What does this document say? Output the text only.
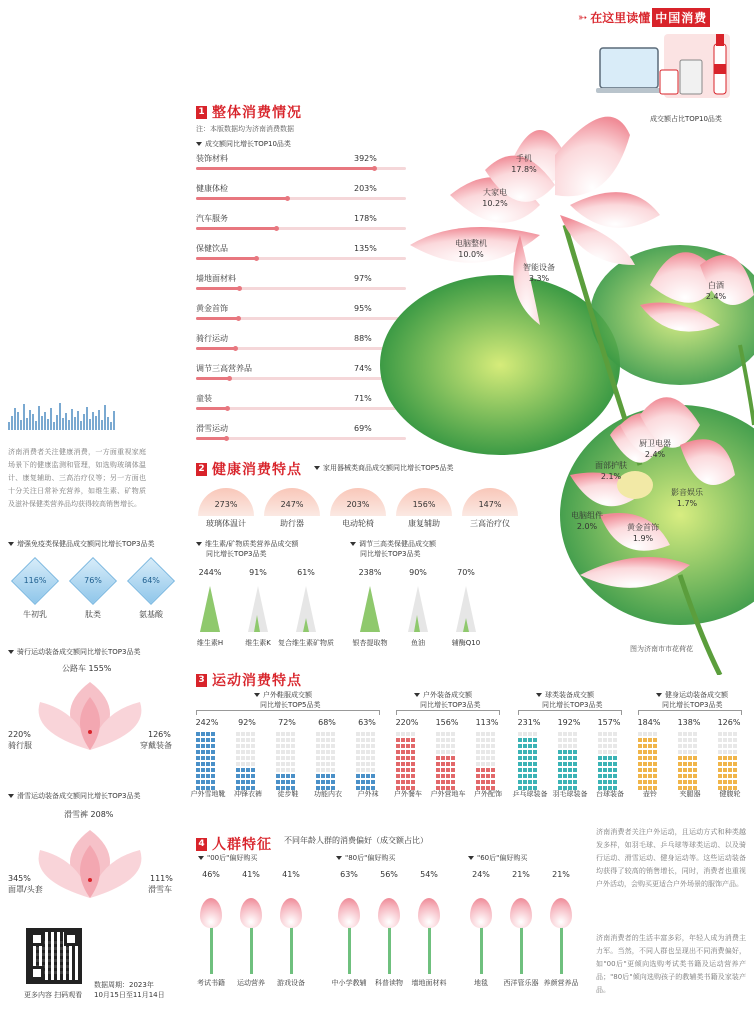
➳ 在这里读懂 中国消费
1 整体消费情况
注：本版数据均为济南消费数据
成交额同比增长TOP10品类
装饰材料	392%
健康体检	203%
汽车服务	178%
保健饮品	135%
墙地面材料	97%
黄金首饰	95%
骑行运动	88%
调节三高营养品	74%
童装	71%
滑雪运动	69%
成交额占比TOP10品类
手机
17.8%
大家电
10.2%
电脑整机
10.0%
智能设备
3.3%
白酒
2.4%
厨卫电器
2.4%
面部护肤
2.1%
影音娱乐
1.7%
电脑组件
2.0%	黄金首饰
1.9%
图为济南市市花荷花
济南消费者关注健康消费，一方面重视家庭场景下的健康监测和管理，如选购玻璃体温计、康复辅助、三高治疗仪等；另一方面也十分关注日常补充营养，如维生素、矿物质及滋补保健类营养品均获得较高销售增长。
增强免疫类保健品成交额同比增长TOP3品类
116%
牛初乳
76%
肽类
64%
氨基酸
骑行运动装备成交额同比增长TOP3品类
公路车 155%
220%
骑行服
126%
穿戴装备
滑雪运动装备成交额同比增长TOP3品类
滑雪裤 208%
345%
面罩/头套
111%
滑雪车
更多内容 扫码观看
数据周期：2023年
10月15日至11月14日
2 健康消费特点	家用器械类商品成交额同比增长TOP5品类
273%
玻璃体温计
247%
助行器
203%
电动轮椅
156%
康复辅助
147%
三高治疗仪
维生素/矿物质类营养品成交额
同比增长TOP3品类
调节三高类保健品成交额
同比增长TOP3品类
244%
维生素H
91%
维生素K
61%
复合维生素矿物质
238%
银杏提取物
90%
鱼油
70%
辅酶Q10
3 运动消费特点
户外鞋服成交额
同比增长TOP5品类
242%
户外雪地靴
92%
冲锋衣裤
72%
徒步鞋
68%
功能内衣
63%
户外袜
户外装备成交额
同比增长TOP3品类
220%
户外餐车
156%
户外营地车
113%
户外配饰
球类装备成交额
同比增长TOP3品类
231%
乒乓球装备
192%
羽毛球装备
157%
台球装备
健身运动装备成交额
同比增长TOP3品类
184%
壶铃
138%
夹腿器
126%
健腹轮
济南消费者关注户外运动，且运动方式和种类越发多样，如羽毛球、乒乓球等球类运动、以及骑行运动、滑雪运动、健身运动等。这些运动装备均获得了较高的销售增长，同时，消费者也重视户外活动，会购买更适合户外场景的服饰产品。
济南消费者的生活丰富多彩，年轻人成为消费主力军。当然，不同人群也呈现出不同消费偏好，如"00后"更倾向选购考试类书籍及运动营养产品；"80后"倾向选购孩子的教辅类书籍及家装产品。
4 人群特征 不同年龄人群的消费偏好（成交额占比）
"00后"偏好购买
46%
考试书籍
41%
运动营养
41%
游戏设备
"80后"偏好购买
63%
中小学教辅
56%
科普读物
54%
墙地面材料
"60后"偏好购买
24%
地毯
21%
西洋管乐器
21%
养颜营养品
